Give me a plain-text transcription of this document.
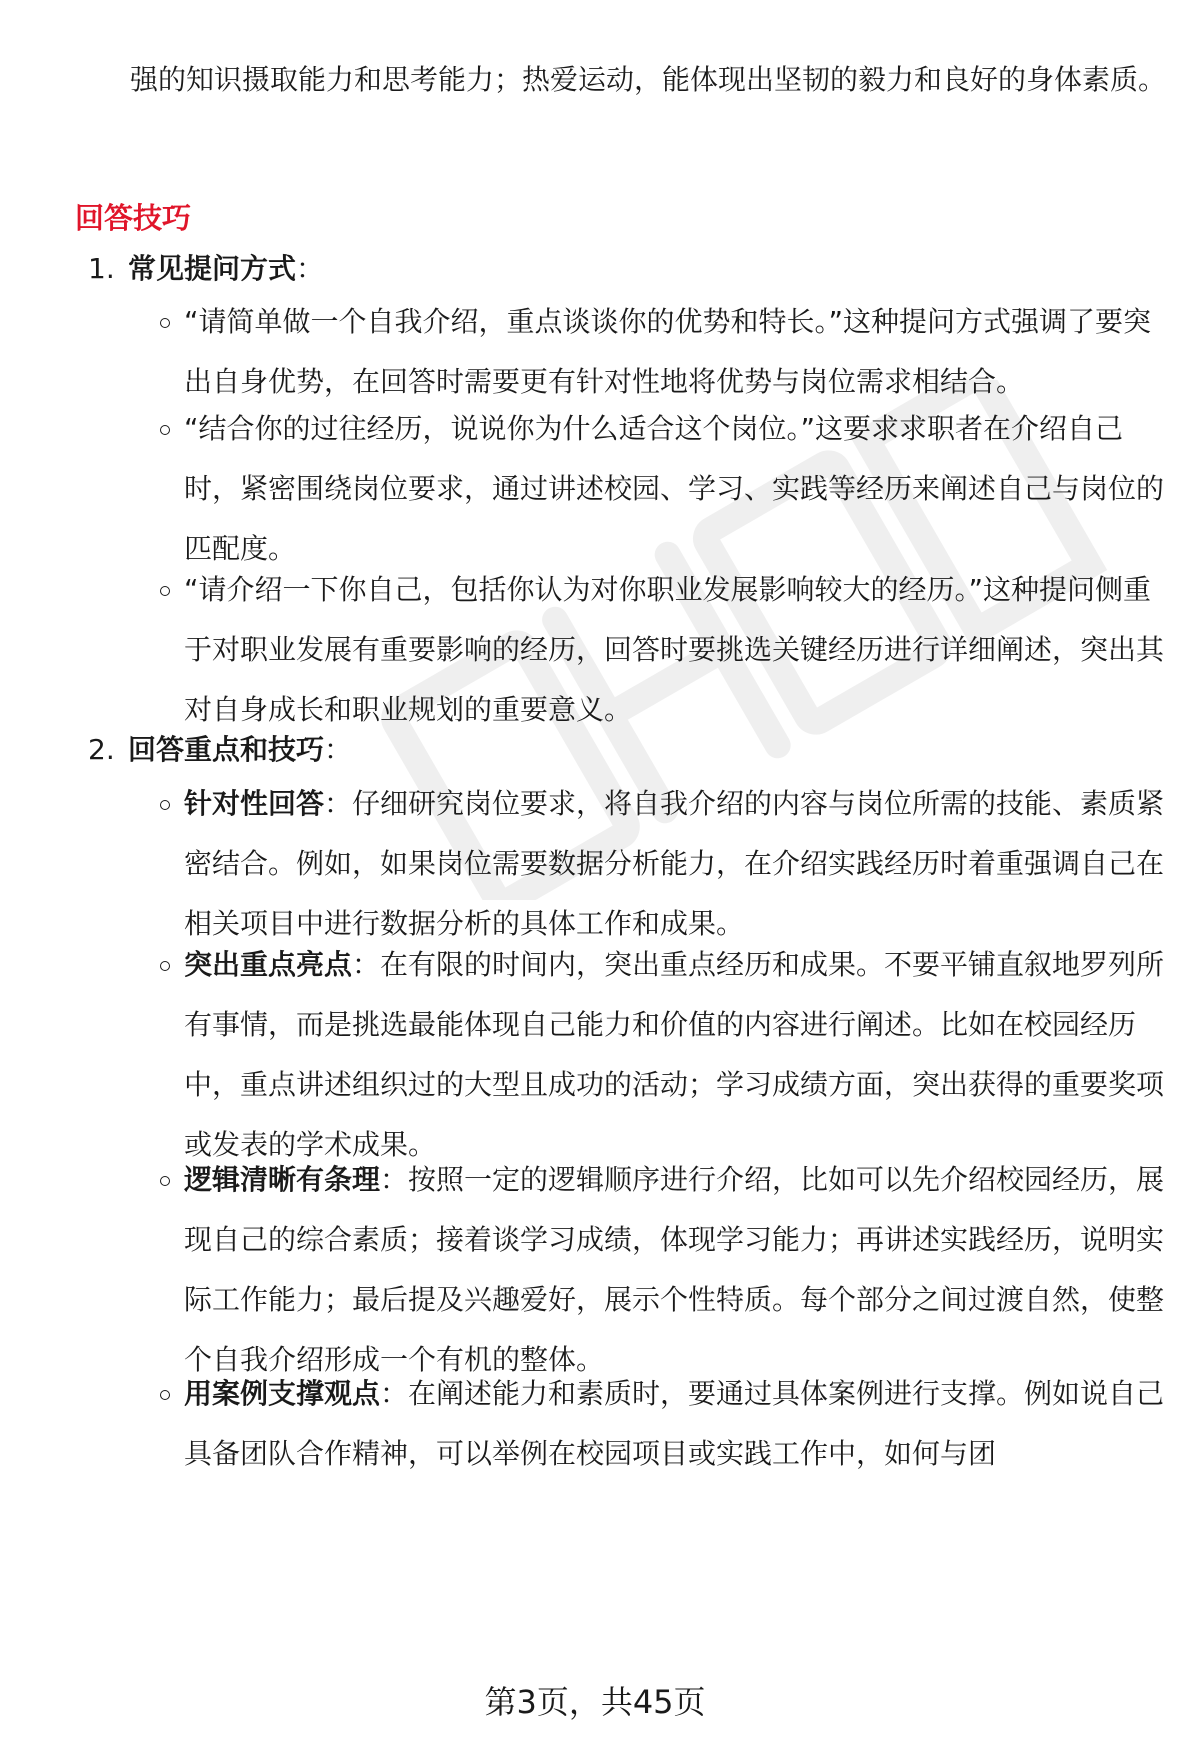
强的知识摄取能力和思考能力；热爱运动，能体现出坚韧的毅力和良好的身体素质。

回答技巧
1. 常见提问方式：
“请简单做一个自我介绍，重点谈谈你的优势和特长。”这种提问方式强调了要突出自身优势，在回答时需要更有针对性地将优势与岗位需求相结合。
“结合你的过往经历，说说你为什么适合这个岗位。”这要求求职者在介绍自己时，紧密围绕岗位要求，通过讲述校园、学习、实践等经历来阐述自己与岗位的匹配度。
“请介绍一下你自己，包括你认为对你职业发展影响较大的经历。”这种提问侧重于对职业发展有重要影响的经历，回答时要挑选关键经历进行详细阐述，突出其对自身成长和职业规划的重要意义。
2. 回答重点和技巧：
针对性回答：仔细研究岗位要求，将自我介绍的内容与岗位所需的技能、素质紧密结合。例如，如果岗位需要数据分析能力，在介绍实践经历时着重强调自己在相关项目中进行数据分析的具体工作和成果。
突出重点亮点：在有限的时间内，突出重点经历和成果。不要平铺直叙地罗列所有事情，而是挑选最能体现自己能力和价值的内容进行阐述。比如在校园经历中，重点讲述组织过的大型且成功的活动；学习成绩方面，突出获得的重要奖项或发表的学术成果。
逻辑清晰有条理：按照一定的逻辑顺序进行介绍，比如可以先介绍校园经历，展现自己的综合素质；接着谈学习成绩，体现学习能力；再讲述实践经历，说明实际工作能力；最后提及兴趣爱好，展示个性特质。每个部分之间过渡自然，使整个自我介绍形成一个有机的整体。
用案例支撑观点：在阐述能力和素质时，要通过具体案例进行支撑。例如说自己具备团队合作精神，可以举例在校园项目或实践工作中，如何与团
第3页，共45页
